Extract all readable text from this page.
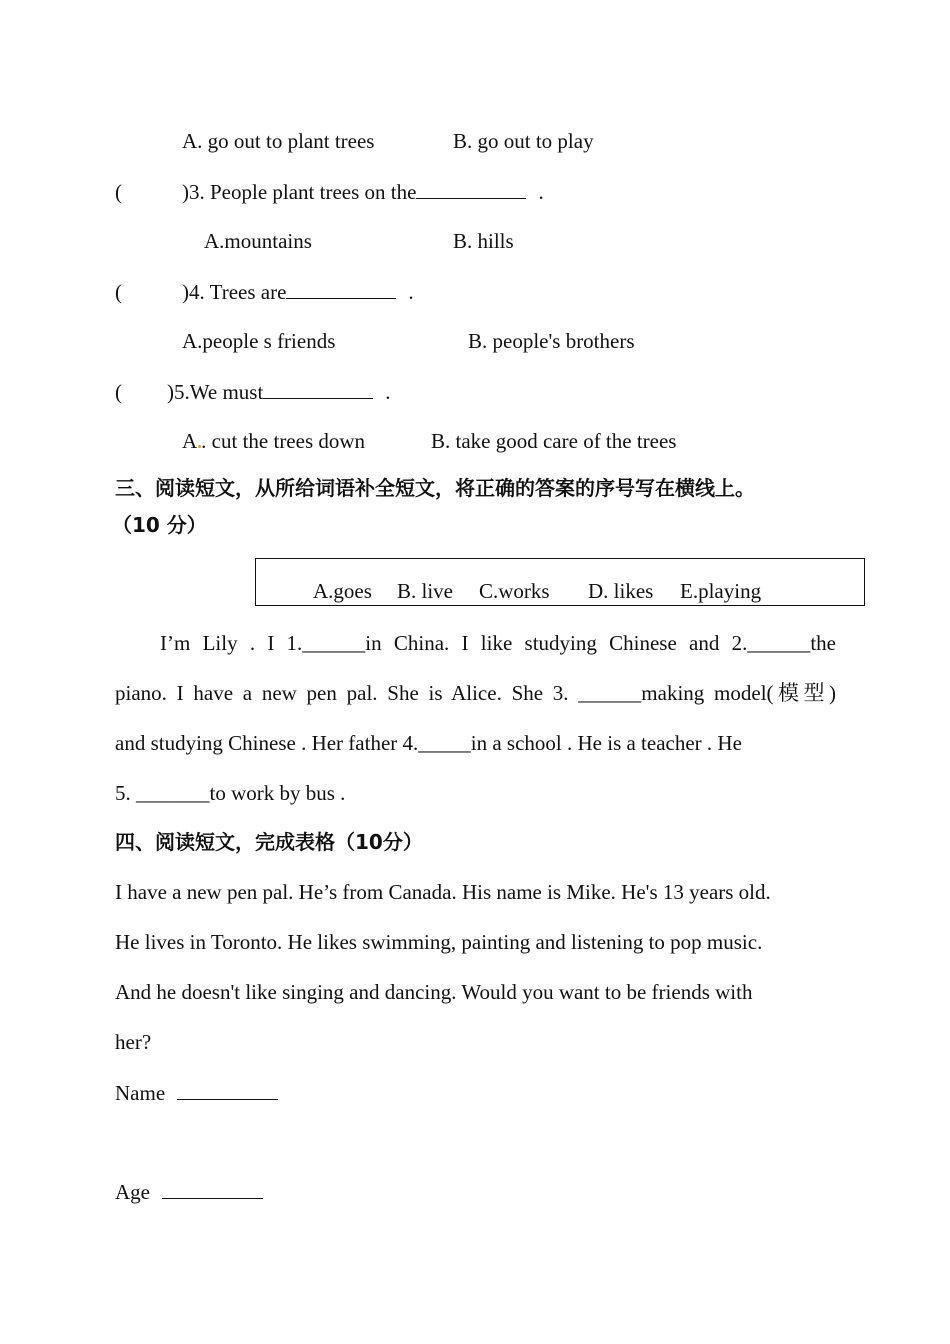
A. go out to plant trees	B. go out to play
(	)3. People plant trees on the	.
A.mountains	B. hills
(	)4. Trees are	.
A.people s friends	B. people's brothers
( )5.We must	.
A . cut the trees down	B. take good care of the trees
三、阅读短文，从所给词语补全短文，将正确的答案的序号写在横线上。
（10 分）
A.goes B. live C.works D. likes E.playing
I’m Lily . I 1.______in China. I like studying Chinese and 2.______the
piano. I have a new pen pal. She is Alice. She 3. ______making model(模型)
and studying Chinese . Her father 4._____in a school . He is a teacher . He
5. _______to work by bus .
四、阅读短文，完成表格（10分）
I have a new pen pal. He’s from Canada. His name is Mike. He's 13 years old.
He lives in Toronto. He likes swimming, painting and listening to pop music.
And he doesn't like singing and dancing. Would you want to be friends with
her?
Name
Age
